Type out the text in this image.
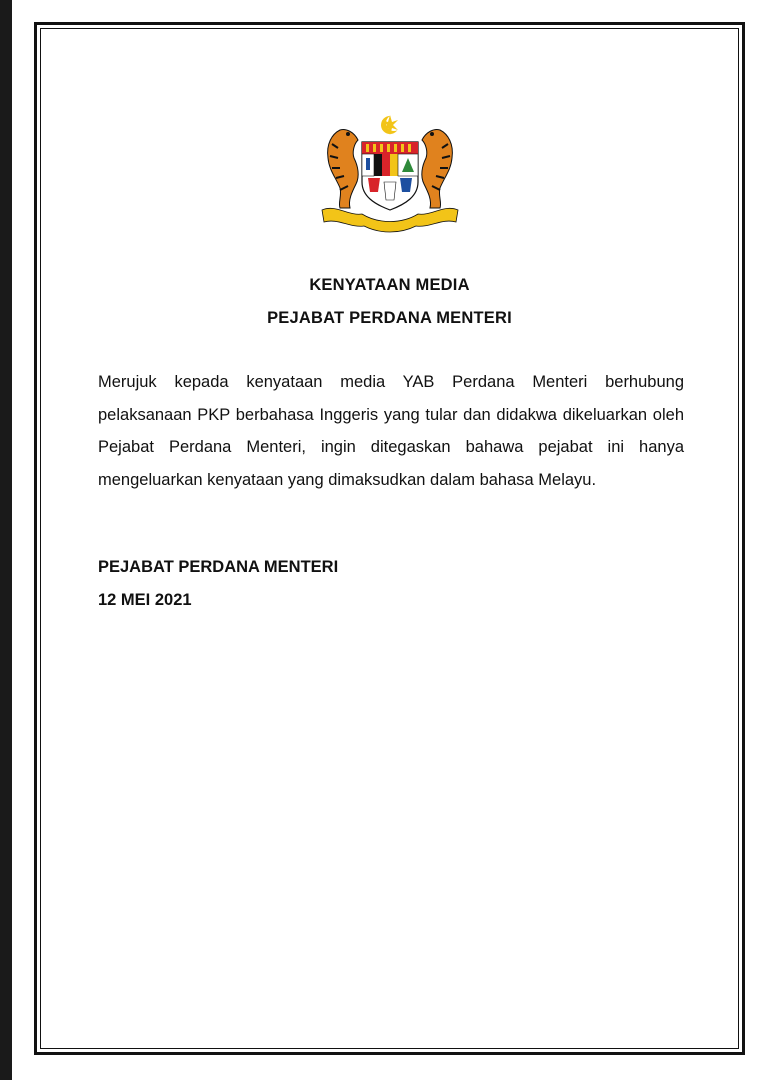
KENYATAAN MEDIA
PEJABAT PERDANA MENTERI

Merujuk kepada kenyataan media YAB Perdana Menteri berhubung pelaksanaan PKP berbahasa Inggeris yang tular dan didakwa dikeluarkan oleh Pejabat Perdana Menteri, ingin ditegaskan bahawa pejabat ini hanya mengeluarkan kenyataan yang dimaksudkan dalam bahasa Melayu.

PEJABAT PERDANA MENTERI
12 MEI 2021
